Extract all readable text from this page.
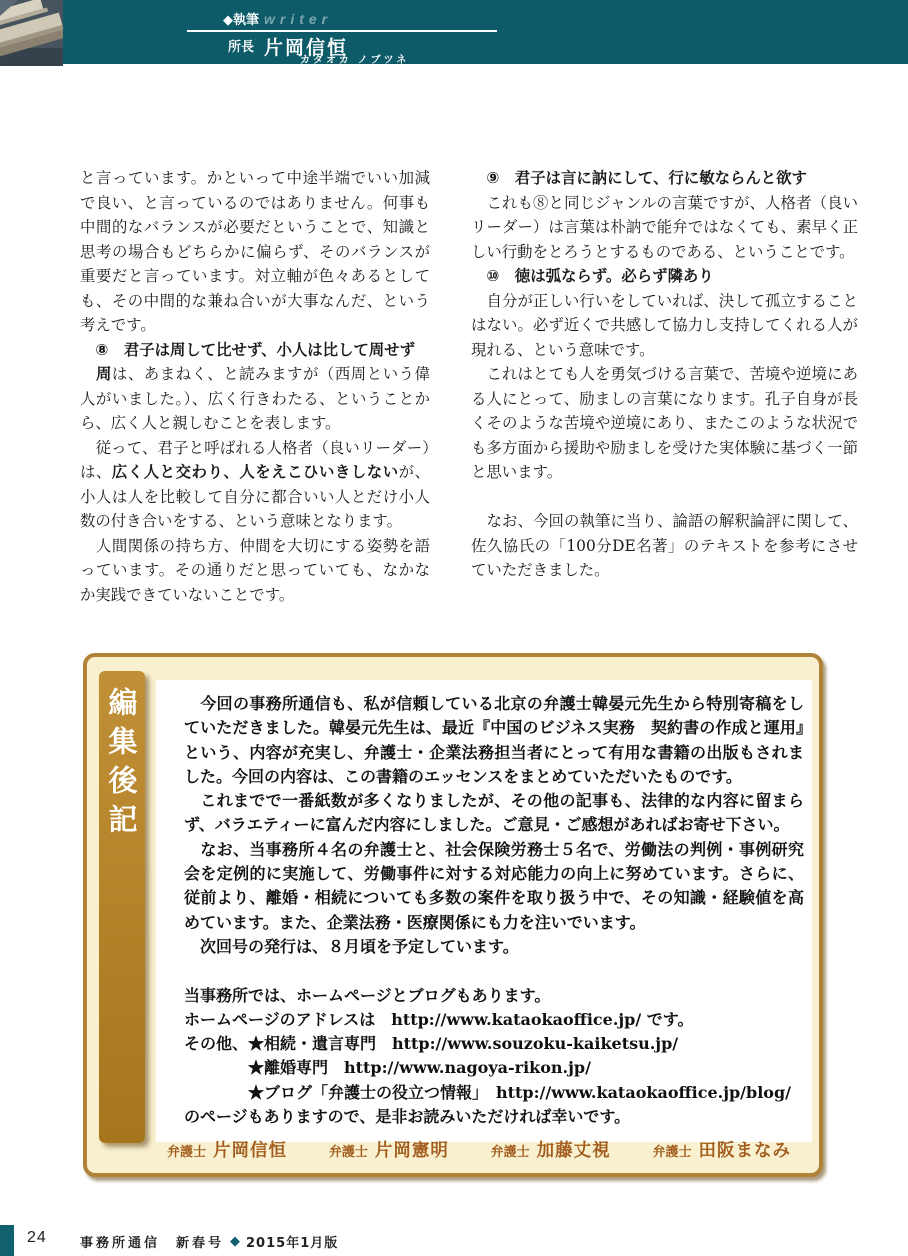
◆執筆 writer
所長 片岡信恒
カタオカ ノブツネ

と言っています。かといって中途半端でいい加減で良い、と言っているのではありません。何事も中間的なバランスが必要だということで、知識と思考の場合もどちらかに偏らず、そのバランスが重要だと言っています。対立軸が色々あるとしても、その中間的な兼ね合いが大事なんだ、という考えです。

　⑧　君子は周して比せず、小人は比して周せず

　周は、あまねく、と読みますが（西周という偉人がいました。）、広く行きわたる、ということから、広く人と親しむことを表します。

　従って、君子と呼ばれる人格者（良いリーダー）は、広く人と交わり、人をえこひいきしないが、小人は人を比較して自分に都合いい人とだけ小人数の付き合いをする、という意味となります。

　人間関係の持ち方、仲間を大切にする姿勢を語っています。その通りだと思っていても、なかなか実践できていないことです。

　⑨　君子は言に訥にして、行に敏ならんと欲す

　これも⑧と同じジャンルの言葉ですが、人格者（良いリーダー）は言葉は朴訥で能弁ではなくても、素早く正しい行動をとろうとするものである、ということです。

　⑩　徳は弧ならず。必らず隣あり

　自分が正しい行いをしていれば、決して孤立することはない。必ず近くで共感して協力し支持してくれる人が現れる、という意味です。

　これはとても人を勇気づける言葉で、苦境や逆境にある人にとって、励ましの言葉になります。孔子自身が長くそのような苦境や逆境にあり、またこのような状況でも多方面から援助や励ましを受けた実体験に基づく一節と思います。

　なお、今回の執筆に当り、論語の解釈論評に関して、佐久協氏の「100分DE名著」のテキストを参考にさせていただきました。

編集後記	　今回の事務所通信も、私が信頼している北京の弁護士韓晏元先生から特別寄稿をしていただきました。韓晏元先生は、最近『中国のビジネス実務　契約書の作成と運用』という、内容が充実し、弁護士・企業法務担当者にとって有用な書籍の出版もされました。今回の内容は、この書籍のエッセンスをまとめていただいたものです。

　これまでで一番紙数が多くなりましたが、その他の記事も、法律的な内容に留まらず、バラエティーに富んだ内容にしました。ご意見・ご感想があればお寄せ下さい。

　なお、当事務所４名の弁護士と、社会保険労務士５名で、労働法の判例・事例研究会を定例的に実施して、労働事件に対する対応能力の向上に努めています。さらに、従前より、離婚・相続についても多数の案件を取り扱う中で、その知識・経験値を高めています。また、企業法務・医療関係にも力を注いでいます。

　次回号の発行は、８月頃を予定しています。

当事務所では、ホームページとブログもあります。

ホームページのアドレスは　http://www.kataokaoffice.jp/ です。

その他、★相続・遺言専門　http://www.souzoku-kaiketsu.jp/

　　　　★離婚専門　http://www.nagoya-rikon.jp/

　　　　★ブログ「弁護士の役立つ情報」　http://www.kataokaoffice.jp/blog/

のページもありますので、是非お読みいただければ幸いです。

弁護士 片岡信恒	弁護士 片岡憲明	弁護士 加藤丈視	弁護士 田阪まなみ
24	事務所通信　新春号 ◆ 2015年1月版
